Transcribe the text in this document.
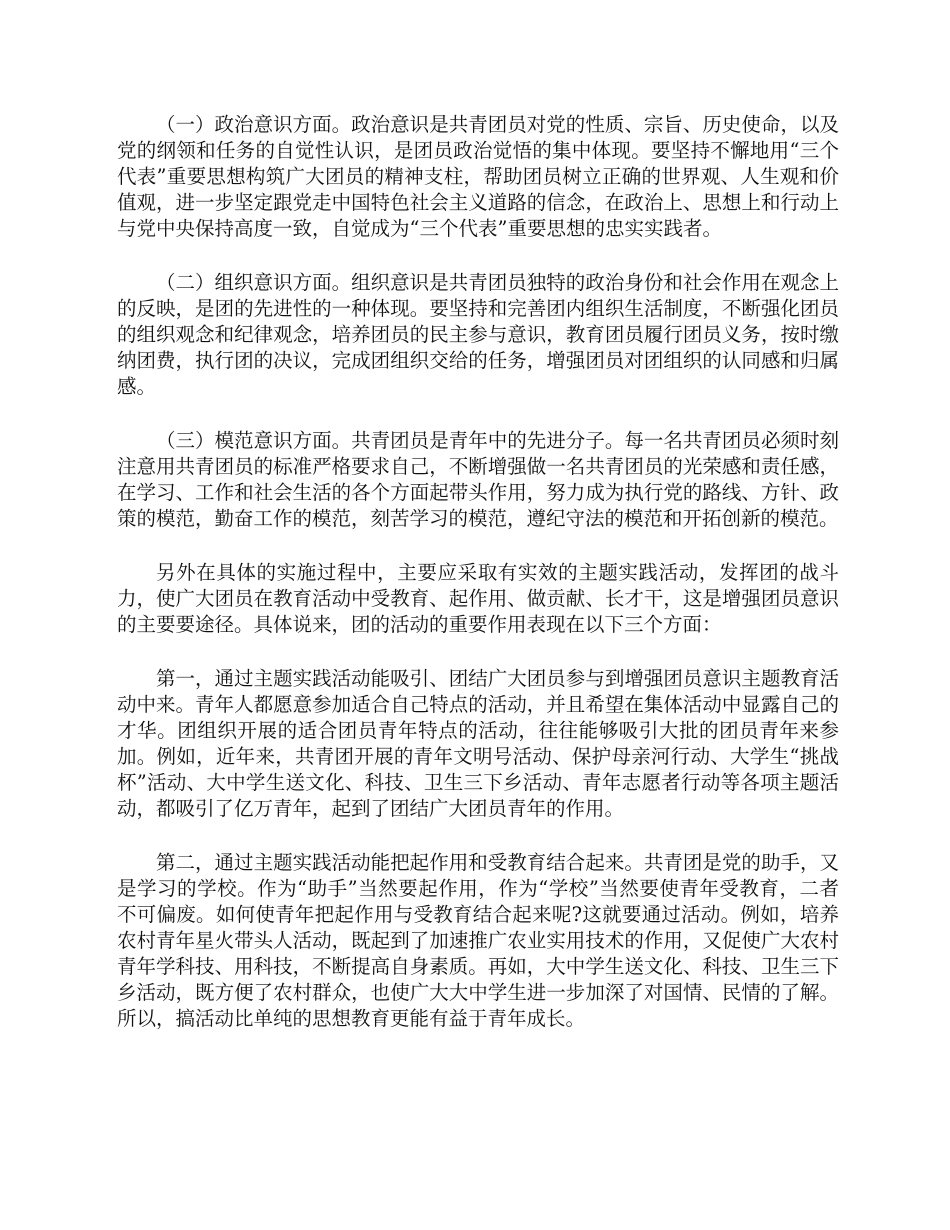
（一）政治意识方面。政治意识是共青团员对党的性质、宗旨、历史使命，以及党的纲领和任务的自觉性认识，是团员政治觉悟的集中体现。要坚持不懈地用“三个代表”重要思想构筑广大团员的精神支柱，帮助团员树立正确的世界观、人生观和价值观，进一步坚定跟党走中国特色社会主义道路的信念，在政治上、思想上和行动上与党中央保持高度一致，自觉成为“三个代表”重要思想的忠实实践者。

（二）组织意识方面。组织意识是共青团员独特的政治身份和社会作用在观念上的反映，是团的先进性的一种体现。要坚持和完善团内组织生活制度，不断强化团员的组织观念和纪律观念，培养团员的民主参与意识，教育团员履行团员义务，按时缴纳团费，执行团的决议，完成团组织交给的任务，增强团员对团组织的认同感和归属感。

（三）模范意识方面。共青团员是青年中的先进分子。每一名共青团员必须时刻注意用共青团员的标准严格要求自己，不断增强做一名共青团员的光荣感和责任感，在学习、工作和社会生活的各个方面起带头作用，努力成为执行党的路线、方针、政策的模范，勤奋工作的模范，刻苦学习的模范，遵纪守法的模范和开拓创新的模范。

另外在具体的实施过程中，主要应采取有实效的主题实践活动，发挥团的战斗力，使广大团员在教育活动中受教育、起作用、做贡献、长才干，这是增强团员意识的主要要途径。具体说来，团的活动的重要作用表现在以下三个方面：

第一，通过主题实践活动能吸引、团结广大团员参与到增强团员意识主题教育活动中来。青年人都愿意参加适合自己特点的活动，并且希望在集体活动中显露自己的才华。团组织开展的适合团员青年特点的活动，往往能够吸引大批的团员青年来参加。例如，近年来，共青团开展的青年文明号活动、保护母亲河行动、大学生“挑战杯”活动、大中学生送文化、科技、卫生三下乡活动、青年志愿者行动等各项主题活动，都吸引了亿万青年，起到了团结广大团员青年的作用。

第二，通过主题实践活动能把起作用和受教育结合起来。共青团是党的助手，又是学习的学校。作为“助手”当然要起作用，作为“学校”当然要使青年受教育，二者不可偏废。如何使青年把起作用与受教育结合起来呢?这就要通过活动。例如，培养农村青年星火带头人活动，既起到了加速推广农业实用技术的作用，又促使广大农村青年学科技、用科技，不断提高自身素质。再如，大中学生送文化、科技、卫生三下乡活动，既方便了农村群众，也使广大大中学生进一步加深了对国情、民情的了解。所以，搞活动比单纯的思想教育更能有益于青年成长。
